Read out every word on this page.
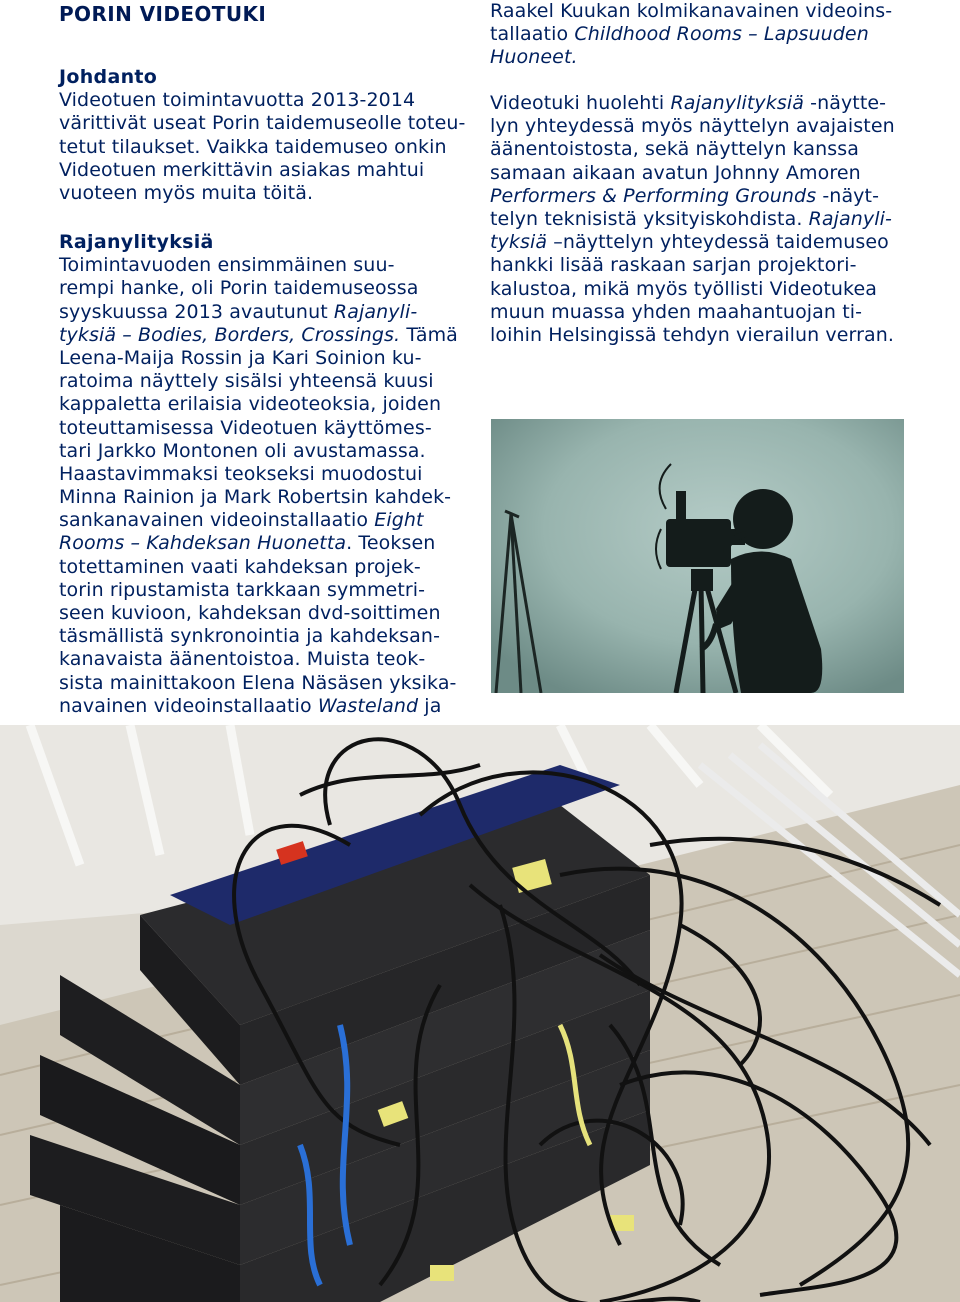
PORIN VIDEOTUKI
Johdanto
Videotuen toimintavuotta 2013-2014
värittivät useat Porin taidemuseolle toteu-
tetut tilaukset. Vaikka taidemuseo onkin
Videotuen merkittävin asiakas mahtui
vuoteen myös muita töitä.
Rajanylityksiä
Toimintavuoden ensimmäinen suu-
rempi hanke, oli Porin taidemuseossa
syyskuussa 2013 avautunut Rajanyli-
tyksiä – Bodies, Borders, Crossings. Tämä
Leena-Maija Rossin ja Kari Soinion ku-
ratoima näyttely sisälsi yhteensä kuusi
kappaletta erilaisia videoteoksia, joiden
toteuttamisessa Videotuen käyttömes-
tari Jarkko Montonen oli avustamassa.
Haastavimmaksi teokseksi muodostui
Minna Rainion ja Mark Robertsin kahdek-
sankanavainen videoinstallaatio Eight
Rooms – Kahdeksan Huonetta. Teoksen
totettaminen vaati kahdeksan projek-
torin ripustamista tarkkaan symmetri-
seen kuvioon, kahdeksan dvd-soittimen
täsmällistä synkronointia ja kahdeksan-
kanavaista äänentoistoa. Muista teok-
sista mainittakoon Elena Näsäsen yksika-
navainen videoinstallaatio Wasteland ja
Raakel Kuukan kolmikanavainen videoins-
tallaatio Childhood Rooms – Lapsuuden
Huoneet.
Videotuki huolehti Rajanylityksiä -näytte-
lyn yhteydessä myös näyttelyn avajaisten
äänentoistosta, sekä näyttelyn kanssa
samaan aikaan avatun Johnny Amoren
Performers & Performing Grounds -näyt-
telyn teknisistä yksityiskohdista. Rajanyli-
tyksiä –näyttelyn yhteydessä taidemuseo
hankki lisää raskaan sarjan projektori-
kalustoa, mikä myös työllisti Videotukea
muun muassa yhden maahantuojan ti-
loihin Helsingissä tehdyn vierailun verran.
